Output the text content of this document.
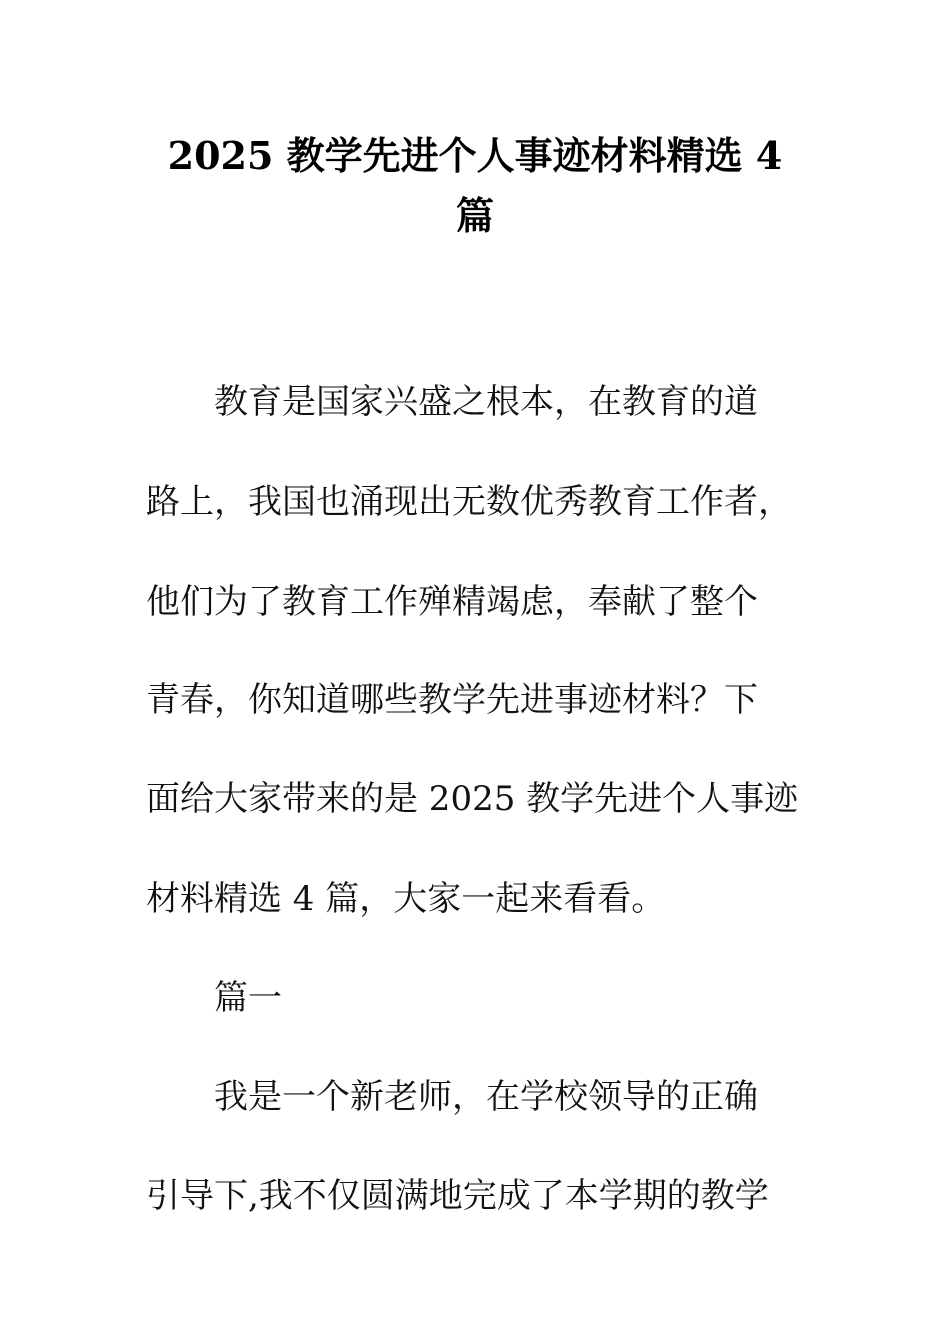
2025 教学先进个人事迹材料精选 4
篇
教育是国家兴盛之根本，在教育的道
路上，我国也涌现出无数优秀教育工作者，
他们为了教育工作殚精竭虑，奉献了整个
青春，你知道哪些教学先进事迹材料？下
面给大家带来的是 2025 教学先进个人事迹
材料精选 4 篇，大家一起来看看。
篇一
我是一个新老师，在学校领导的正确
引导下,我不仅圆满地完成了本学期的教学
